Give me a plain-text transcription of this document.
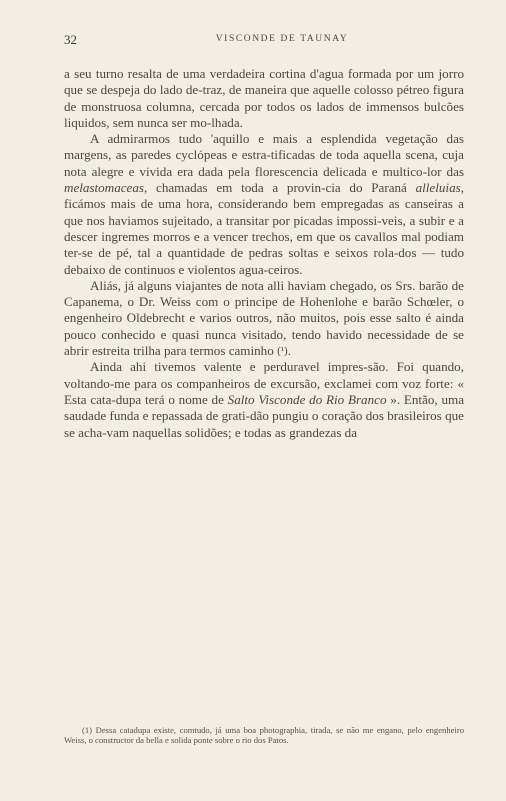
32	VISCONDE DE TAUNAY

a seu turno resalta de uma verdadeira cortina d'agua formada por um jorro que se despeja do lado de-traz, de maneira que aquelle colosso pétreo figura de monstruosa columna, cercada por todos os lados de immensos bulcões liquidos, sem nunca ser mo-lhada.

A admirarmos tudo 'aquillo e mais a esplendida vegetação das margens, as paredes cyclópeas e estra-tificadas de toda aquella scena, cuja nota alegre e vivida era dada pela florescencia delicada e multico-lor das melastomaceas, chamadas em toda a provin-cia do Paraná alleluias, ficámos mais de uma hora, considerando bem empregadas as canseiras a que nos haviamos sujeitado, a transitar por picadas impossi-veis, a subir e a descer ingremes morros e a vencer trechos, em que os cavallos mal podiam ter-se de pé, tal a quantidade de pedras soltas e seixos rola-dos — tudo debaixo de continuos e violentos agua-ceiros.

Aliás, já alguns viajantes de nota alli haviam chegado, os Srs. barão de Capanema, o Dr. Weiss com o principe de Hohenlohe e barão Schœler, o engenheiro Oldebrecht e varios outros, não muitos, pois esse salto é ainda pouco conhecido e quasi nunca visitado, tendo havido necessidade de se abrir estreita trilha para termos caminho (¹).

Ainda ahi tivemos valente e perduravel impres-são. Foi quando, voltando-me para os companheiros de excursão, exclamei com voz forte: « Esta cata-dupa terá o nome de Salto Visconde do Rio Branco ». Então, uma saudade funda e repassada de grati-dão pungiu o coração dos brasileiros que se acha-vam naquellas solidões; e todas as grandezas da

(1) Dessa catadupa existe, comtudo, já uma boa photographia, tirada, se não me engano, pelo engenheiro Weiss, o constructor da bella e solida ponte sobre o rio dos Patos.
